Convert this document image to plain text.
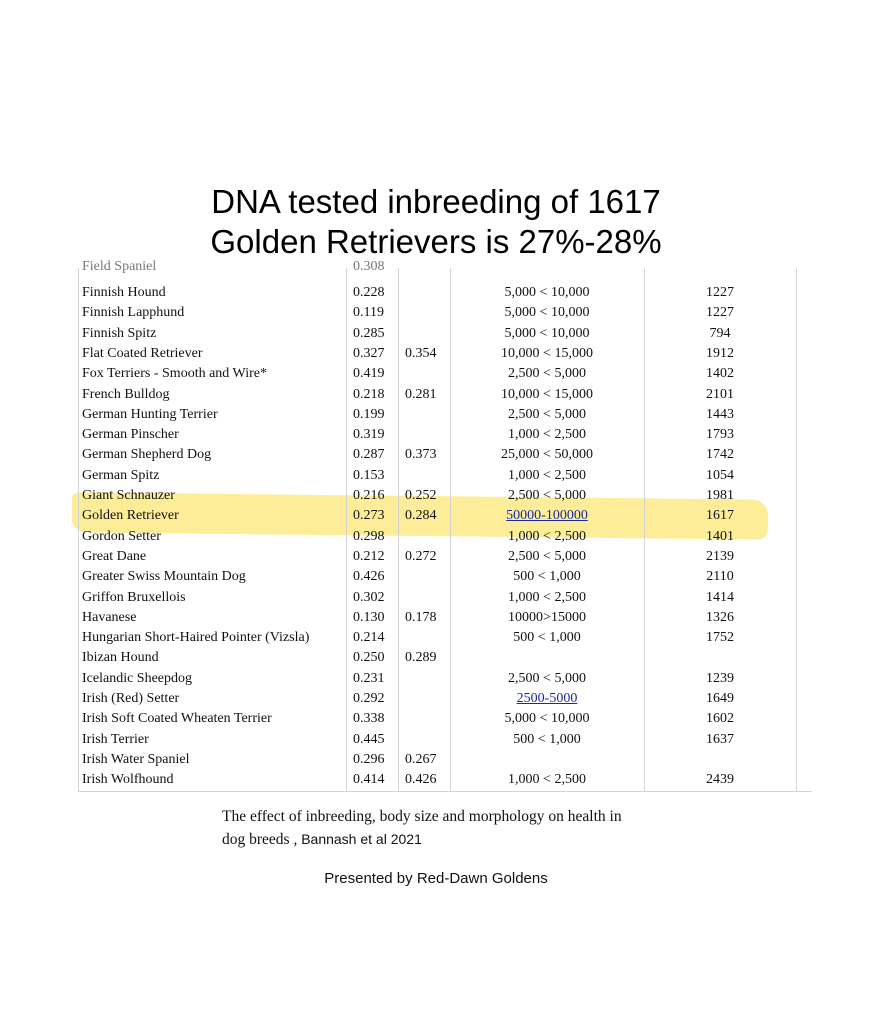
DNA tested inbreeding of 1617
Golden Retrievers is 27%-28%
Field Spaniel	0.308
Finnish Hound	0.228	5,000 < 10,000	1227
Finnish Lapphund	0.119	5,000 < 10,000	1227
Finnish Spitz	0.285	5,000 < 10,000	794
Flat Coated Retriever	0.327 0.354	10,000 < 15,000	1912
Fox Terriers - Smooth and Wire*	0.419	2,500 < 5,000	1402
French Bulldog	0.218 0.281	10,000 < 15,000	2101
German Hunting Terrier	0.199	2,500 < 5,000	1443
German Pinscher	0.319	1,000 < 2,500	1793
German Shepherd Dog	0.287 0.373	25,000 < 50,000	1742
German Spitz	0.153	1,000 < 2,500	1054
Giant Schnauzer	0.216 0.252	2,500 < 5,000	1981
Golden Retriever	0.273 0.284	50000-100000	1617
Gordon Setter	0.298	1,000 < 2,500	1401
Great Dane	0.212 0.272	2,500 < 5,000	2139
Greater Swiss Mountain Dog	0.426	500 < 1,000	2110
Griffon Bruxellois	0.302	1,000 < 2,500	1414
Havanese	0.130 0.178	10000>15000	1326
Hungarian Short-Haired Pointer (Vizsla)	0.214	500 < 1,000	1752
Ibizan Hound	0.250 0.289
Icelandic Sheepdog	0.231	2,500 < 5,000	1239
Irish (Red) Setter	0.292	2500-5000	1649
Irish Soft Coated Wheaten Terrier	0.338	5,000 < 10,000	1602
Irish Terrier	0.445	500 < 1,000	1637
Irish Water Spaniel	0.296 0.267
Irish Wolfhound	0.414 0.426	1,000 < 2,500	2439
The effect of inbreeding, body size and morphology on health in
dog breeds , Bannash et al 2021
Presented by Red-Dawn Goldens
